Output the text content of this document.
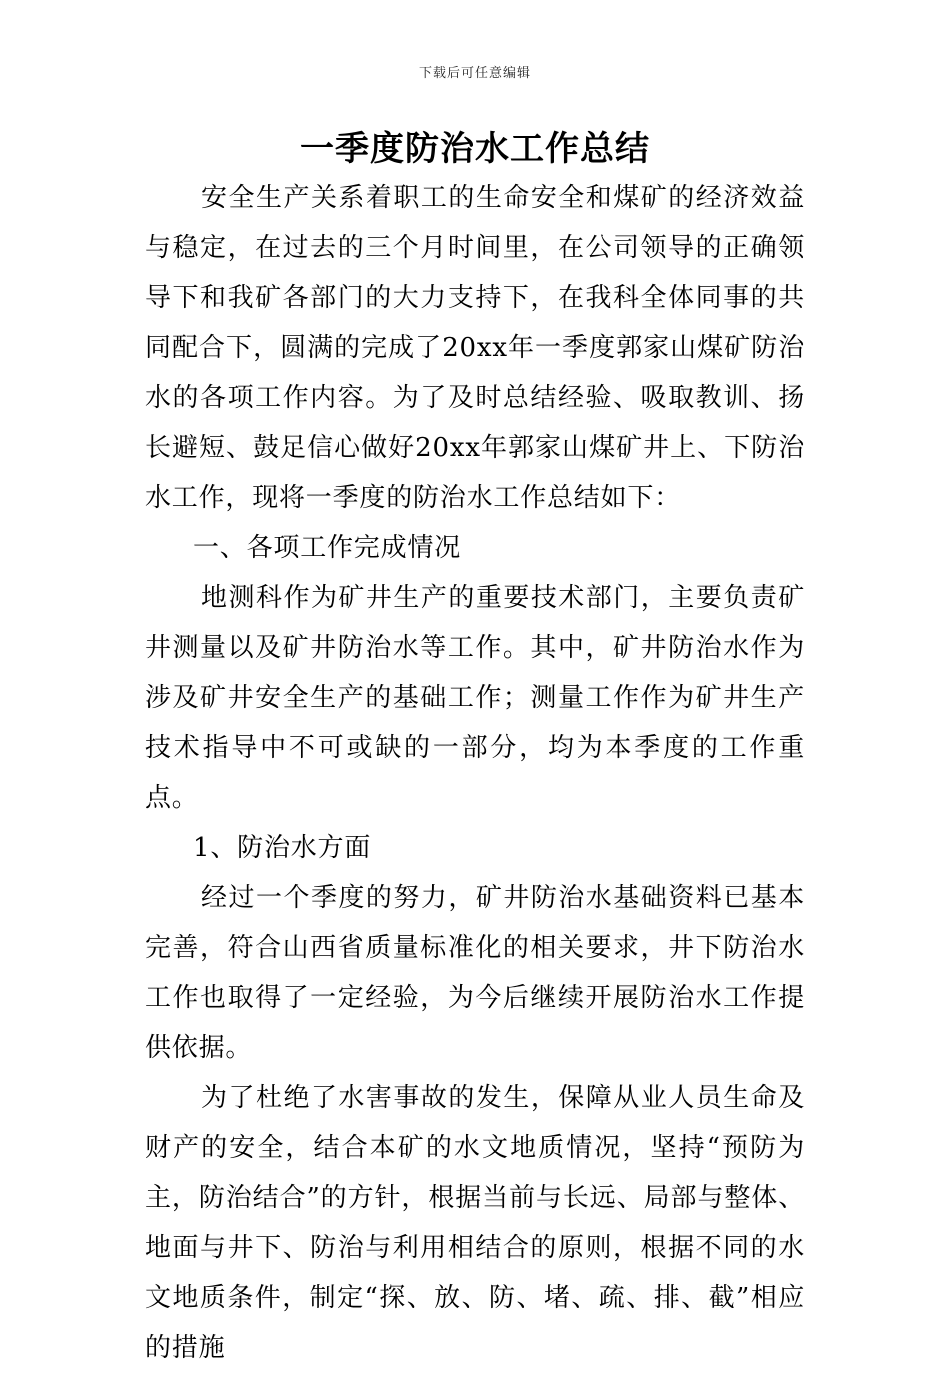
下载后可任意编辑
一季度防治水工作总结

安全生产关系着职工的生命安全和煤矿的经济效益与稳定，在过去的三个月时间里，在公司领导的正确领导下和我矿各部门的大力支持下，在我科全体同事的共同配合下，圆满的完成了20xx年一季度郭家山煤矿防治水的各项工作内容。为了及时总结经验、吸取教训、扬长避短、鼓足信心做好20xx年郭家山煤矿井上、下防治水工作，现将一季度的防治水工作总结如下：

一、各项工作完成情况

地测科作为矿井生产的重要技术部门，主要负责矿井测量以及矿井防治水等工作。其中，矿井防治水作为涉及矿井安全生产的基础工作；测量工作作为矿井生产技术指导中不可或缺的一部分，均为本季度的工作重点。

1、防治水方面

经过一个季度的努力，矿井防治水基础资料已基本完善，符合山西省质量标准化的相关要求，井下防治水工作也取得了一定经验，为今后继续开展防治水工作提供依据。

为了杜绝了水害事故的发生，保障从业人员生命及财产的安全，结合本矿的水文地质情况，坚持“预防为主，防治结合”的方针，根据当前与长远、局部与整体、地面与井下、防治与利用相结合的原则，根据不同的水文地质条件，制定“探、放、防、堵、疏、排、截”相应的措施
